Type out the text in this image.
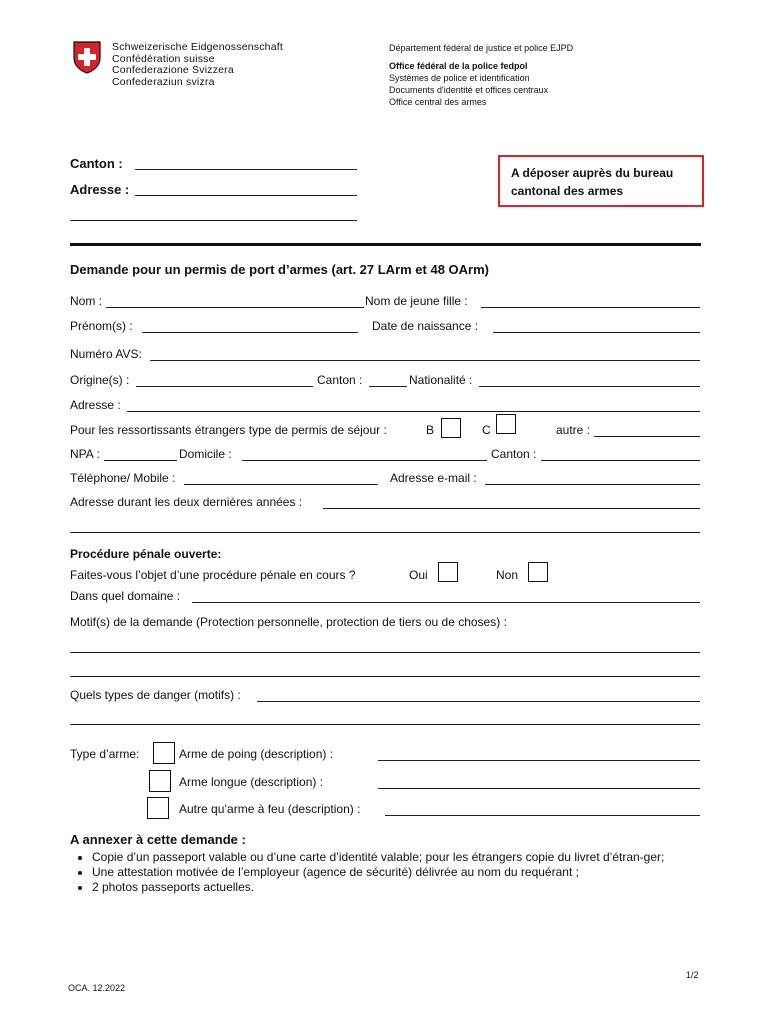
Schweizerische Eidgenossenschaft
Confédération suisse
Confederazione Svizzera
Confederaziun svizra
Département fédéral de justice et police EJPD
Office fédéral de la police fedpol
Systèmes de police et identification
Documents d'identité et offices centraux
Office central des armes
Canton :
Adresse :
A déposer auprès du bureau
cantonal des armes
Demande pour un permis de port d’armes (art. 27 LArm et 48 OArm)
Nom :	Nom de jeune fille :
Prénom(s) :	Date de naissance :
Numéro AVS:
Origine(s) :	Canton :	Nationalité :
Adresse :
Pour les ressortissants étrangers type de permis de séjour :	B	C	autre :
NPA :	Domicile :	Canton :
Téléphone/ Mobile :	Adresse e-mail :
Adresse durant les deux dernières années :
Procédure pénale ouverte:
Faites-vous l’objet d’une procédure pénale en cours ?	Oui	Non
Dans quel domaine :
Motif(s) de la demande (Protection personnelle, protection de tiers ou de choses) :
Quels types de danger (motifs) :
Type d’arme:	Arme de poing (description) :
Arme longue (description) :
Autre qu’arme à feu (description) :
A annexer à cette demande :
• Copie d’un passeport valable ou d’une carte d’identité valable; pour les étrangers copie du livret d’étran-ger;
• Une attestation motivée de l’employeur (agence de sécurité) délivrée au nom du requérant ;
• 2 photos passeports actuelles.
1/2
OCA. 12.2022
